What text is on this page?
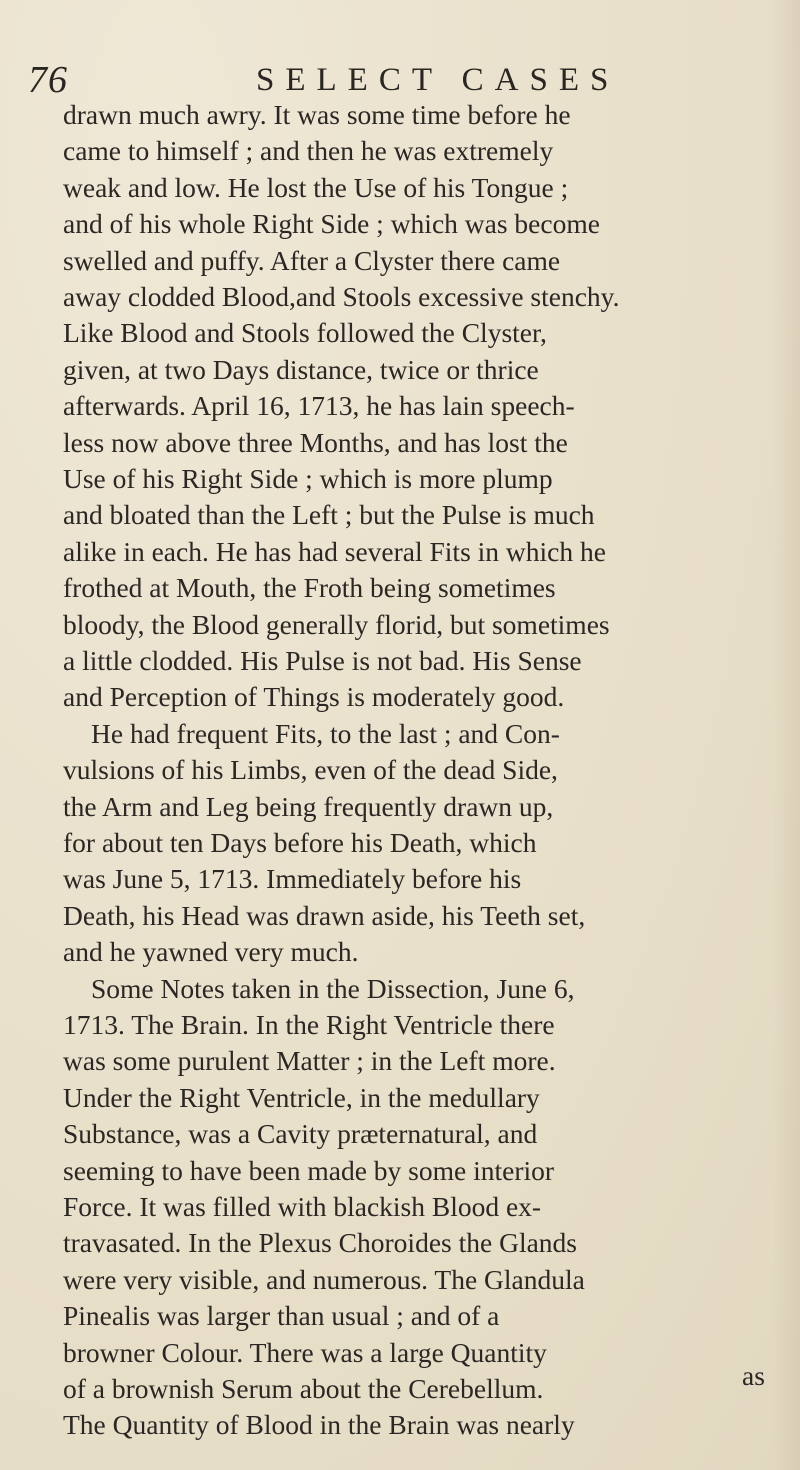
76	SELECT CASES
drawn much awry. It was some time before he
came to himself ; and then he was extremely
weak and low. He lost the Use of his Tongue ;
and of his whole Right Side ; which was become
swelled and puffy. After a Clyster there came
away clodded Blood,and Stools excessive stenchy.
Like Blood and Stools followed the Clyster,
given, at two Days distance, twice or thrice
afterwards. April 16, 1713, he has lain speech-
less now above three Months, and has lost the
Use of his Right Side ; which is more plump
and bloated than the Left ; but the Pulse is much
alike in each. He has had several Fits in which he
frothed at Mouth, the Froth being sometimes
bloody, the Blood generally florid, but sometimes
a little clodded. His Pulse is not bad. His Sense
and Perception of Things is moderately good.
He had frequent Fits, to the last ; and Con-
vulsions of his Limbs, even of the dead Side,
the Arm and Leg being frequently drawn up,
for about ten Days before his Death, which
was June 5, 1713. Immediately before his
Death, his Head was drawn aside, his Teeth set,
and he yawned very much.
Some Notes taken in the Dissection, June 6,
1713. The Brain. In the Right Ventricle there
was some purulent Matter ; in the Left more.
Under the Right Ventricle, in the medullary
Substance, was a Cavity præternatural, and
seeming to have been made by some interior
Force. It was filled with blackish Blood ex-
travasated. In the Plexus Choroides the Glands
were very visible, and numerous. The Glandula
Pinealis was larger than usual ; and of a
browner Colour. There was a large Quantity
of a brownish Serum about the Cerebellum.
The Quantity of Blood in the Brain was nearly
as
